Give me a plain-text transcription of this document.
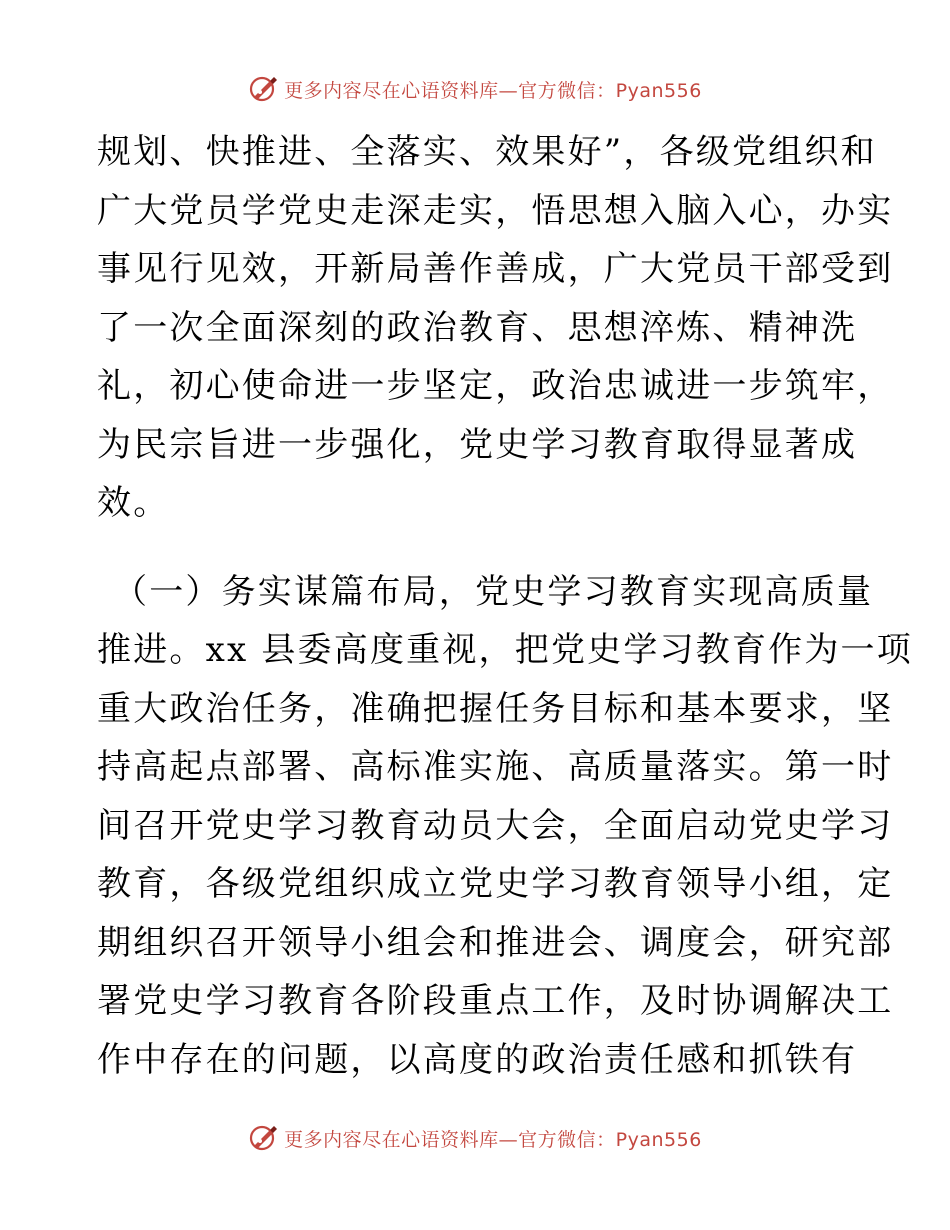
更多内容尽在心语资料库—官方微信：Pyan556
规划、快推进、全落实、效果好”，各级党组织和
广大党员学党史走深走实，悟思想入脑入心，办实
事见行见效，开新局善作善成，广大党员干部受到
了一次全面深刻的政治教育、思想淬炼、精神洗
礼，初心使命进一步坚定，政治忠诚进一步筑牢，
为民宗旨进一步强化，党史学习教育取得显著成
效。
（一）务实谋篇布局，党史学习教育实现高质量
推进。xx 县委高度重视，把党史学习教育作为一项
重大政治任务，准确把握任务目标和基本要求，坚
持高起点部署、高标准实施、高质量落实。第一时
间召开党史学习教育动员大会，全面启动党史学习
教育，各级党组织成立党史学习教育领导小组，定
期组织召开领导小组会和推进会、调度会，研究部
署党史学习教育各阶段重点工作，及时协调解决工
作中存在的问题，以高度的政治责任感和抓铁有
更多内容尽在心语资料库—官方微信：Pyan556
